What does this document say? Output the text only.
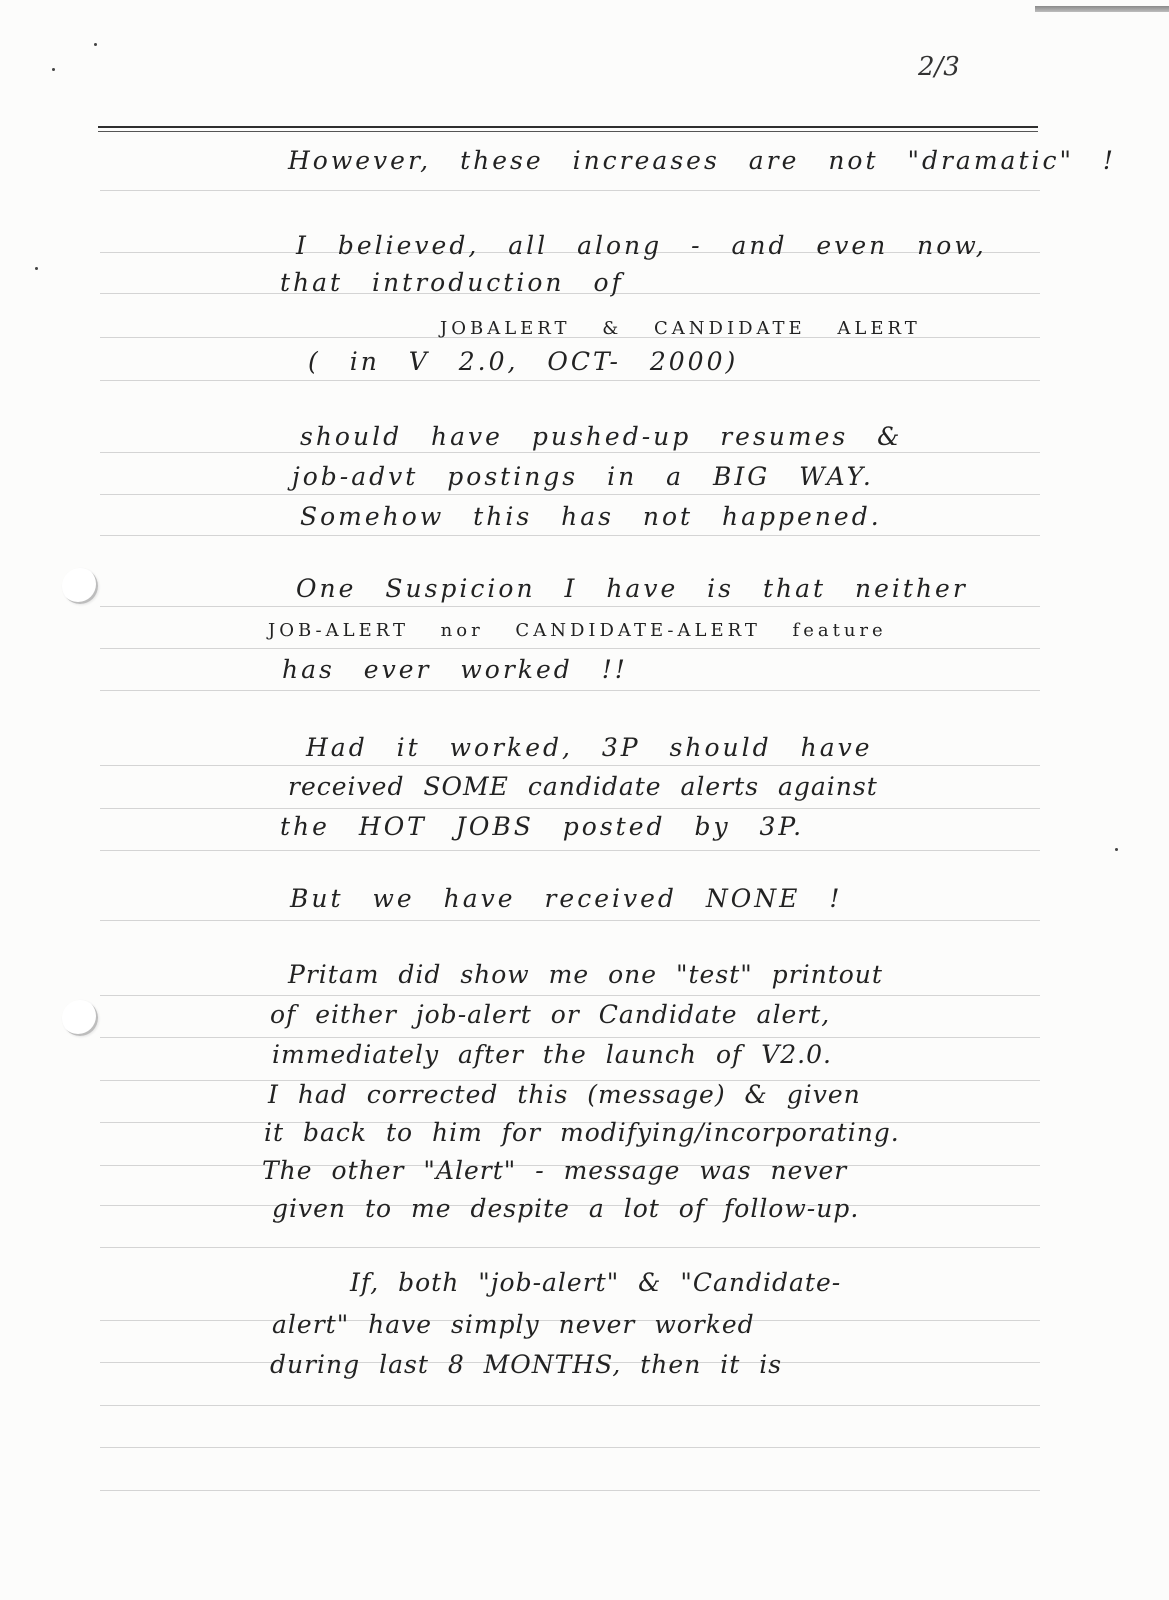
2/3
However, these increases are not "dramatic" !
I believed, all along - and even now,
that introduction of
JOBALERT & CANDIDATE ALERT
( in V 2.0, OCT- 2000)
should have pushed-up resumes &
job-advt postings in a BIG WAY.
Somehow this has not happened.
One Suspicion I have is that neither
JOB-ALERT nor CANDIDATE-ALERT feature
has ever worked !!
Had it worked, 3P should have
received SOME candidate alerts against
the HOT JOBS posted by 3P.
But we have received NONE !
Pritam did show me one "test" printout
of either job-alert or Candidate alert,
immediately after the launch of V2.0.
I had corrected this (message) & given
it back to him for modifying/incorporating.
The other "Alert" - message was never
given to me despite a lot of follow-up.
If, both "job-alert" & "Candidate-
alert" have simply never worked
during last 8 MONTHS, then it is
